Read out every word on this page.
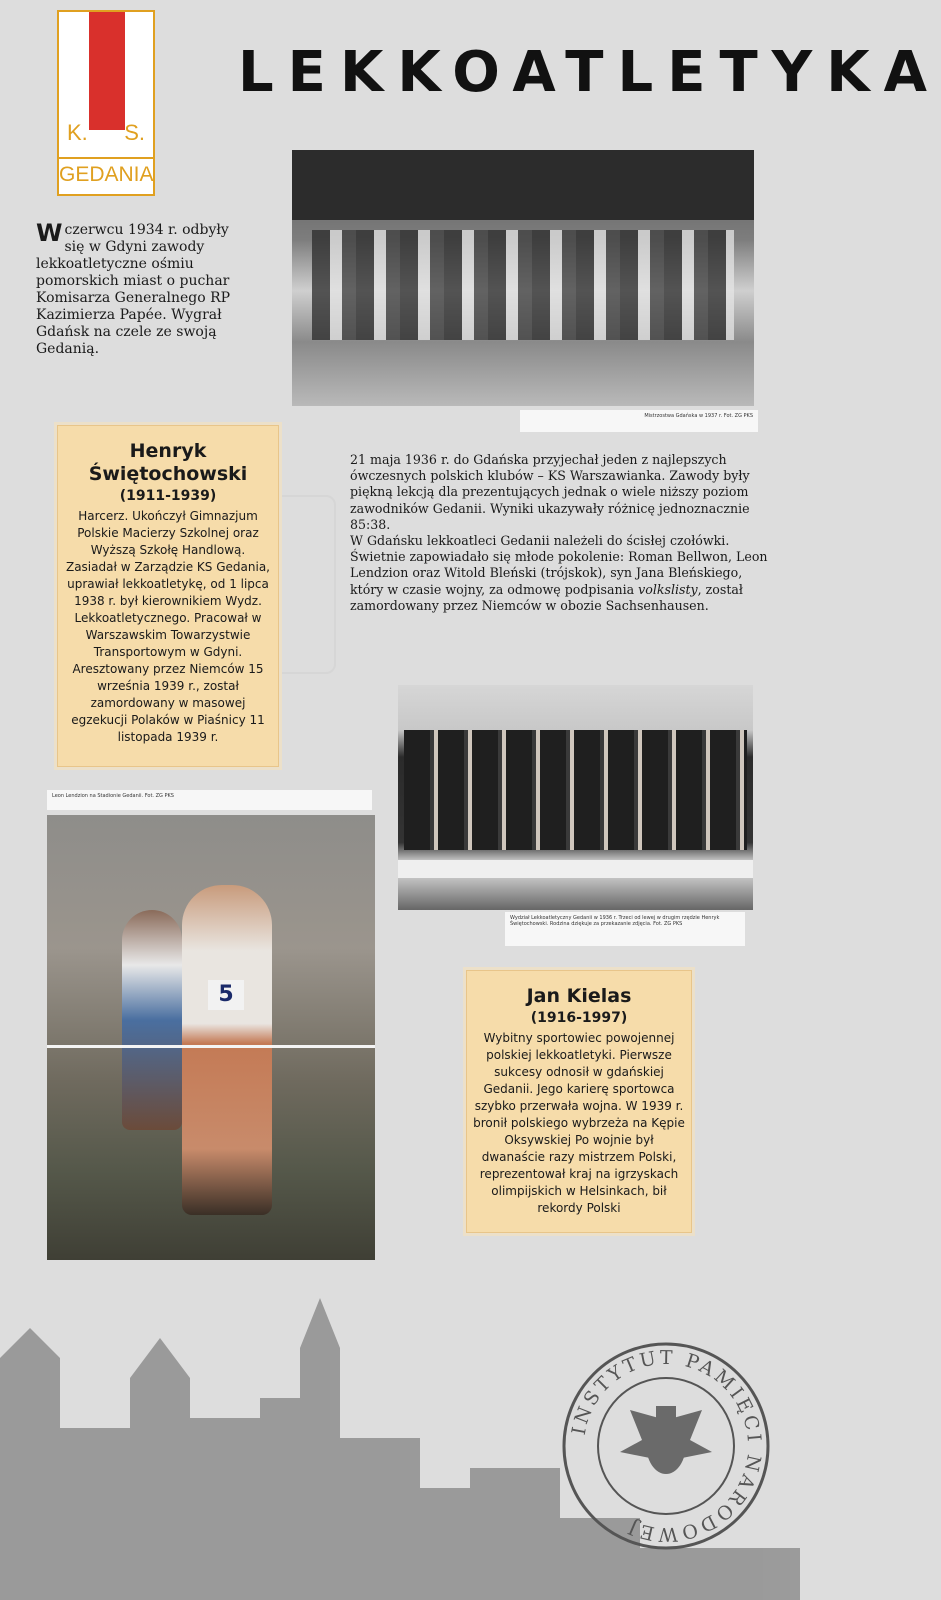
K. S.
GEDANIA
LEKKOATLETYKA
Mistrzostwa Gdańska w 1937 r. Fot. ZG PKS
W czerwcu 1934 r. odbyły się w Gdyni zawody lekkoatletyczne ośmiu pomorskich miast o puchar Komisarza Generalnego RP Kazimierza Papée. Wygrał Gdańsk na czele ze swoją Gedanią.
Henryk
Świętochowski
(1911-1939)
Harcerz. Ukończył Gimnazjum Polskie Macierzy Szkolnej oraz Wyższą Szkołę Handlową. Zasiadał w Zarządzie KS Gedania, uprawiał lekkoatletykę, od 1 lipca 1938 r. był kierownikiem Wydz. Lekkoatletycznego. Pracował w Warszawskim Towarzystwie Transportowym w Gdyni. Aresztowany przez Niemców 15 września 1939 r., został zamordowany w masowej egzekucji Polaków w Piaśnicy 11 listopada 1939 r.
21 maja 1936 r. do Gdańska przyjechał jeden z najlepszych ówczesnych polskich klubów – KS Warszawianka. Zawody były piękną lekcją dla prezentujących jednak o wiele niższy poziom zawodników Gedanii. Wyniki ukazywały różnicę jednoznacznie 85:38.
W Gdańsku lekkoatleci Gedanii należeli do ścisłej czołówki. Świetnie zapowiadało się młode pokolenie: Roman Bellwon, Leon Lendzion oraz Witold Bleński (trójskok), syn Jana Bleńskiego, który w czasie wojny, za odmowę podpisania volkslisty, został zamordowany przez Niemców w obozie Sachsenhausen.
Wydział Lekkoatletyczny Gedanii w 1936 r. Trzeci od lewej w drugim rzędzie Henryk Świętochowski. Rodzina dziękuje za przekazanie zdjęcia. Fot. ZG PKS
Leon Lendzion na Stadionie Gedanii. Fot. ZG PKS
5	Jan Kielas
(1916-1997)
Wybitny sportowiec powojennej polskiej lekkoatletyki. Pierwsze sukcesy odnosił w gdańskiej Gedanii. Jego karierę sportowca szybko przerwała wojna. W 1939 r. bronił polskiego wybrzeża na Kępie Oksywskiej Po wojnie był dwanaście razy mistrzem Polski, reprezentował kraj na igrzyskach olimpijskich w Helsinkach, bił rekordy Polski
INSTYTUT PAMIĘCI NARODOWEJ
